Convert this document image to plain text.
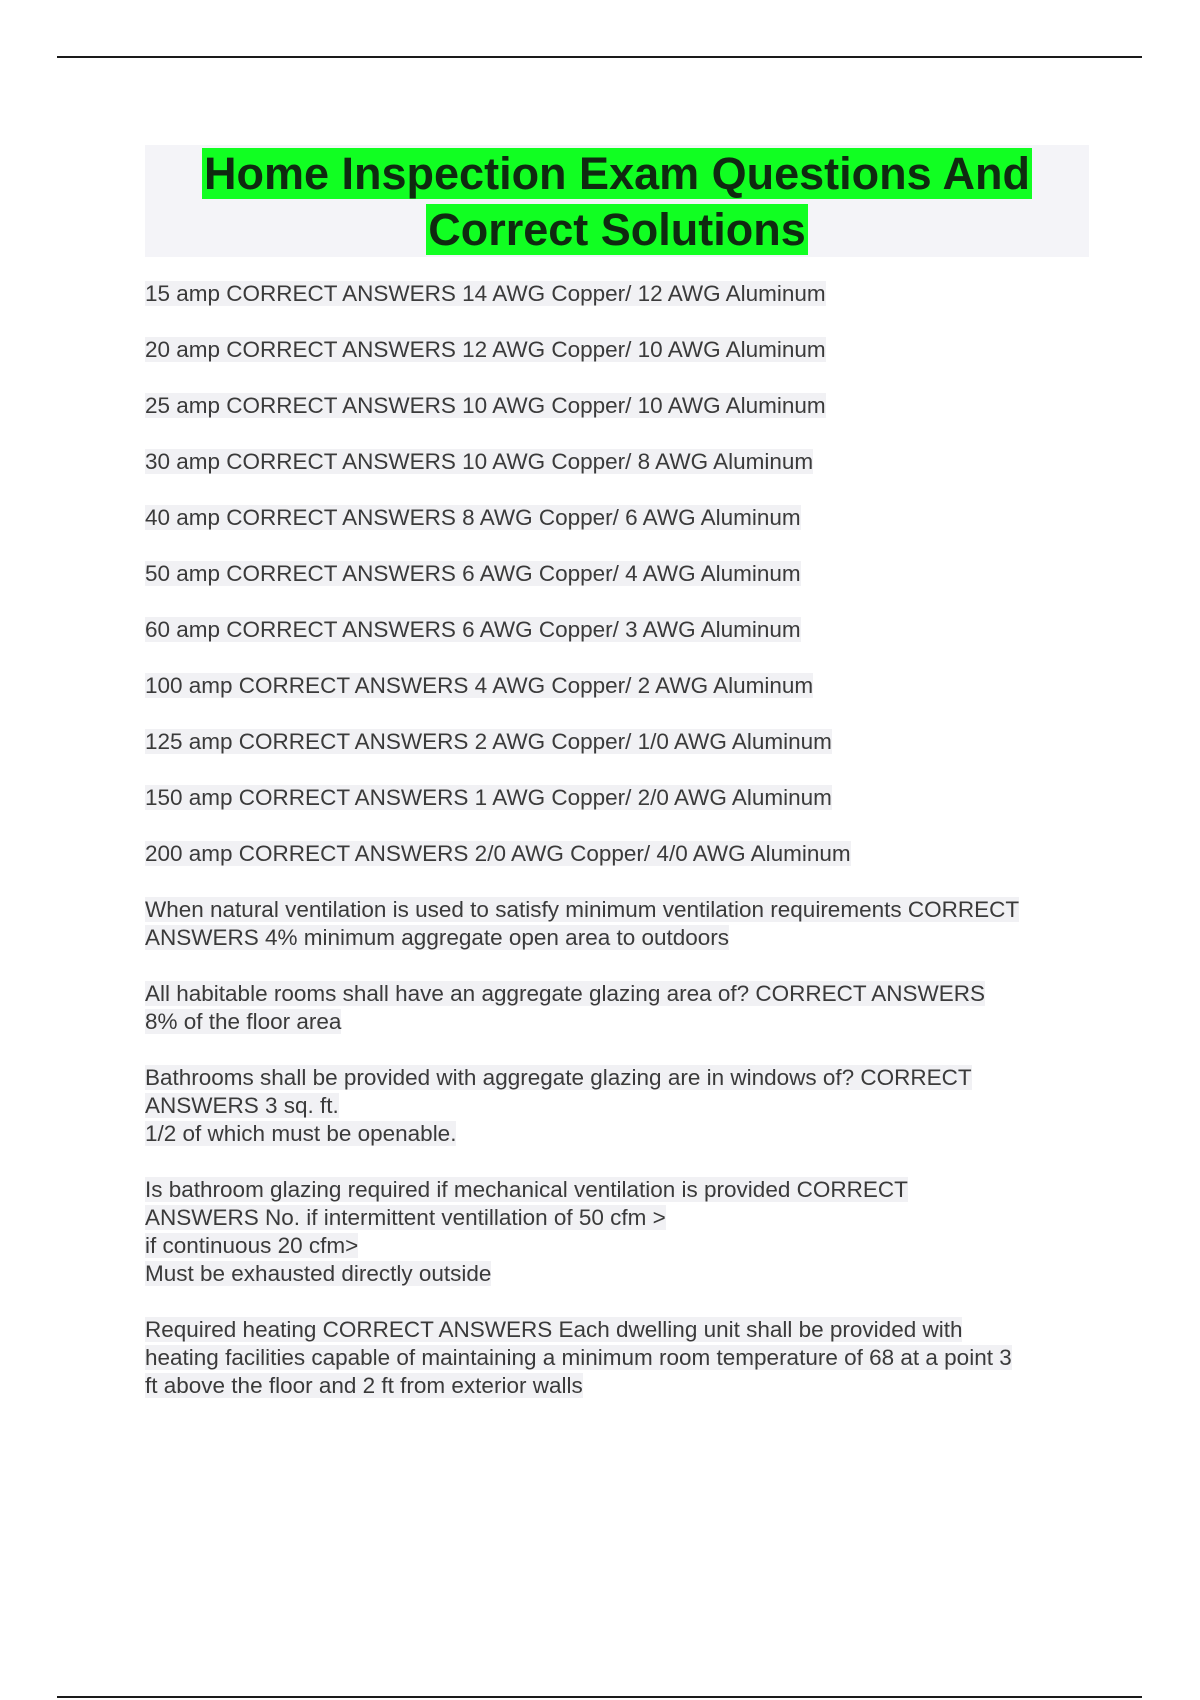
Home Inspection Exam Questions And
Correct Solutions
15 amp CORRECT ANSWERS 14 AWG Copper/ 12 AWG Aluminum
20 amp CORRECT ANSWERS 12 AWG Copper/ 10 AWG Aluminum
25 amp CORRECT ANSWERS 10 AWG Copper/ 10 AWG Aluminum
30 amp CORRECT ANSWERS 10 AWG Copper/ 8 AWG Aluminum
40 amp CORRECT ANSWERS 8 AWG Copper/ 6 AWG Aluminum
50 amp CORRECT ANSWERS 6 AWG Copper/ 4 AWG Aluminum
60 amp CORRECT ANSWERS 6 AWG Copper/ 3 AWG Aluminum
100 amp CORRECT ANSWERS 4 AWG Copper/ 2 AWG Aluminum
125 amp CORRECT ANSWERS 2 AWG Copper/ 1/0 AWG Aluminum
150 amp CORRECT ANSWERS 1 AWG Copper/ 2/0 AWG Aluminum
200 amp CORRECT ANSWERS 2/0 AWG Copper/ 4/0 AWG Aluminum
When natural ventilation is used to satisfy minimum ventilation requirements CORRECT
ANSWERS 4% minimum aggregate open area to outdoors
All habitable rooms shall have an aggregate glazing area of? CORRECT ANSWERS
8% of the floor area
Bathrooms shall be provided with aggregate glazing are in windows of? CORRECT
ANSWERS 3 sq. ft.
1/2 of which must be openable.
Is bathroom glazing required if mechanical ventilation is provided CORRECT
ANSWERS No. if intermittent ventillation of 50 cfm >
if continuous 20 cfm>
Must be exhausted directly outside
Required heating CORRECT ANSWERS Each dwelling unit shall be provided with
heating facilities capable of maintaining a minimum room temperature of 68 at a point 3
ft above the floor and 2 ft from exterior walls
